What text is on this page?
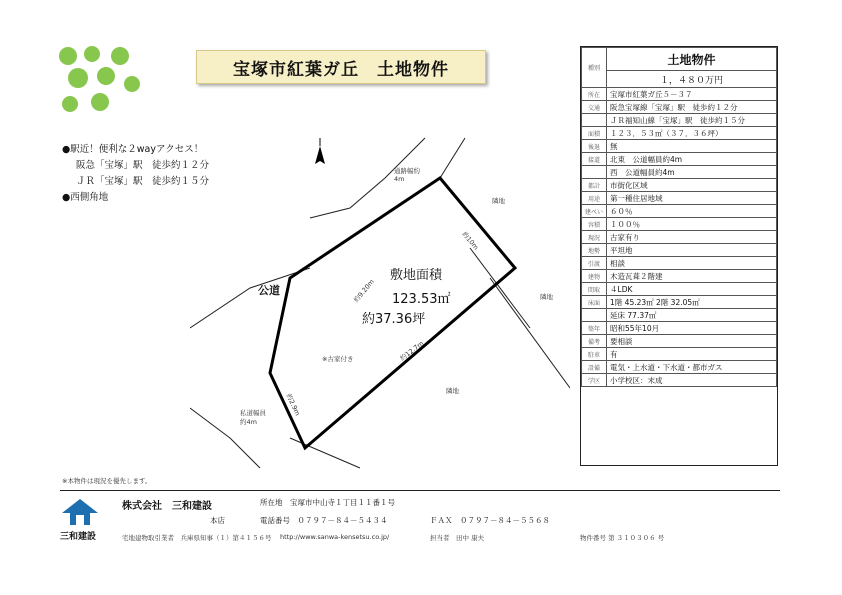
宝塚市紅葉ガ丘　土地物件
●駅近！便利な２wayアクセス！
阪急「宝塚」駅　徒歩約１２分
ＪＲ「宝塚」駅　徒歩約１５分
●西側角地
公道
敷地面積
123.53㎡
約37.36坪
※古家付き
隣地
隣地
隣地
約10m
約9.20m
約12.7m
約2.9m
通路幅約4m
私道幅員約4m
種別	土地物件
	１，４８０万円
所在	宝塚市紅葉ガ丘５－３７
交通	阪急宝塚線「宝塚」駅　徒歩約１２分
	ＪＲ福知山線「宝塚」駅　徒歩約１５分
面積	１２３．５３㎡（３７．３６坪）
後退	無
接道	北東　公道幅員約4m
	西　公道幅員約4m
都計	市街化区域
用途	第一種住居地域
建ぺい	６０％
容積	１００％
現況	古家有り
地勢	平坦地
引渡	相談
建物	木造瓦葺２階建
間取	４LDK
床面	1階 45.23㎡ 2階 32.05㎡
	延床 77.37㎡
築年	昭和55年10月
備考	要相談
駐車	有
設備	電気・上水道・下水道・都市ガス
学区	小学校区：末成
※本物件は現況を優先します。
三和建設
株式会社　三和建設
本店
所在地　宝塚市中山寺１丁目１１番１号
電話番号　０７９７－８４－５４３４	ＦＡＸ　０７９７－８４－５５６８
宅地建物取引業者　兵庫県知事（１）第４１５６号 http://www.sanwa-kensetsu.co.jp/	担当者　田中 康夫	物件番号 第 ３１０３０６ 号
